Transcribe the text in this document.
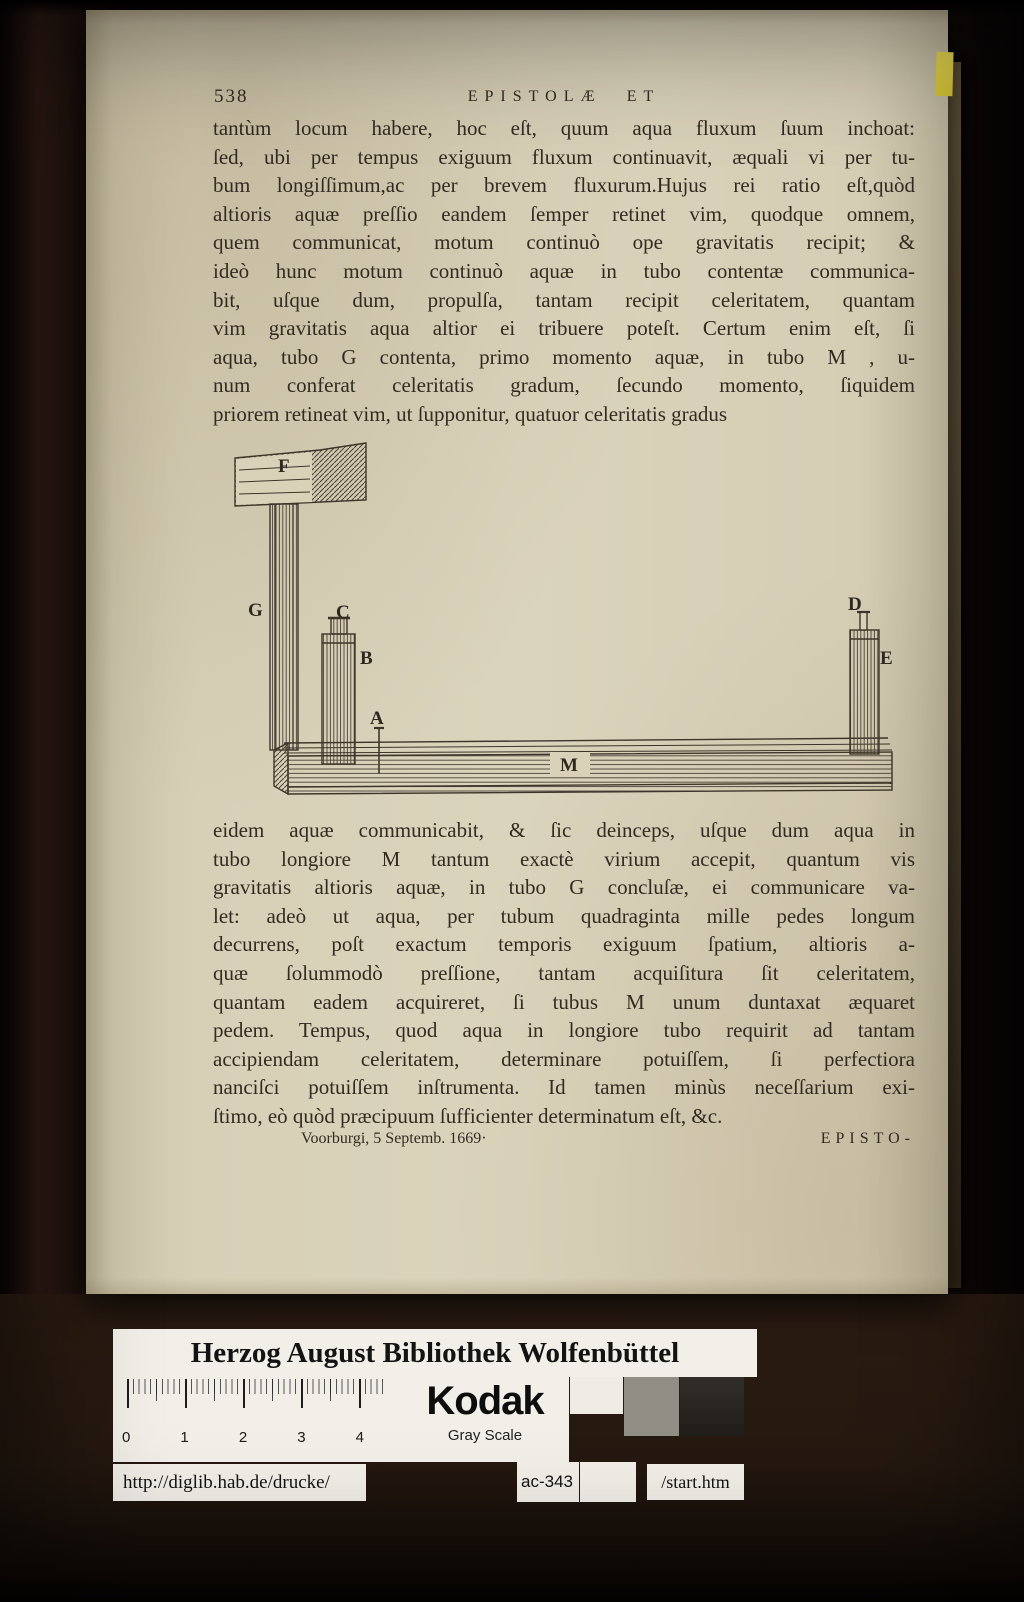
538	EPISTOLÆ ET
tantùm locum habere, hoc eſt, quum aqua fluxum ſuum inchoat:
ſed, ubi per tempus exiguum fluxum continuavit, æquali vi per tu-
bum longiſſimum,ac per brevem fluxurum.Hujus rei ratio eſt,quòd
altioris aquæ preſſio eandem ſemper retinet vim, quodque omnem,
quem communicat, motum continuò ope gravitatis recipit; &
ideò hunc motum continuò aquæ in tubo contentæ communica-
bit, uſque dum, propulſa, tantam recipit celeritatem, quantam
vim gravitatis aqua altior ei tribuere poteſt. Certum enim eſt, ſi
aqua, tubo G contenta, primo momento aquæ, in tubo M , u-
num conferat celeritatis gradum, ſecundo momento, ſiquidem
priorem retineat vim, ut ſupponitur, quatuor celeritatis gradus
F
G	C
B
A
D
E
M
eidem aquæ communicabit, & ſic deinceps, uſque dum aqua in
tubo longiore M tantum exactè virium accepit, quantum vis
gravitatis altioris aquæ, in tubo G concluſæ, ei communicare va-
let: adeò ut aqua, per tubum quadraginta mille pedes longum
decurrens, poſt exactum temporis exiguum ſpatium, altioris a-
quæ ſolummodò preſſione, tantam acquiſitura ſit celeritatem,
quantam eadem acquireret, ſi tubus M unum duntaxat æquaret
pedem. Tempus, quod aqua in longiore tubo requirit ad tantam
accipiendam celeritatem, determinare potuiſſem, ſi perfectiora
nanciſci potuiſſem inſtrumenta. Id tamen minùs neceſſarium exi-
ſtimo, eò quòd præcipuum ſufficienter determinatum eſt, &c.
Voorburgi, 5 Septemb. 1669·	EPISTO-
Herzog August Bibliothek Wolfenbüttel
0	1	2	3	4
Kodak
Gray Scale
http://diglib.hab.de/drucke/	ac-343	/start.htm
